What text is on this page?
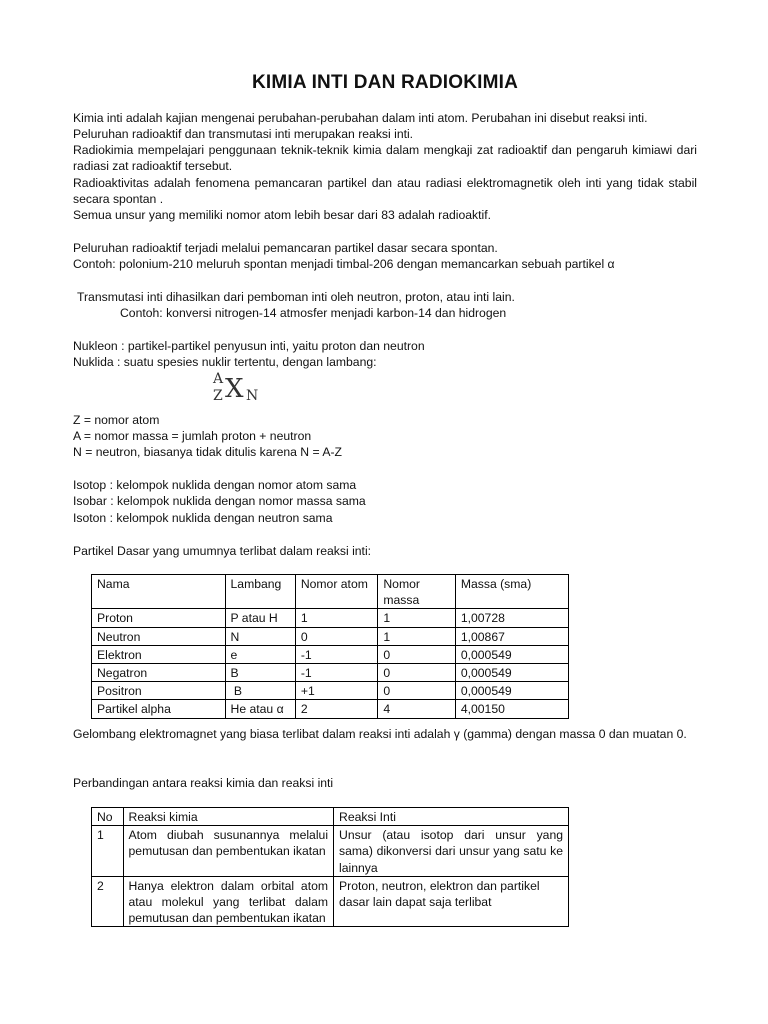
KIMIA INTI DAN RADIOKIMIA

Kimia inti adalah kajian mengenai perubahan-perubahan dalam inti atom. Perubahan ini disebut reaksi inti.

Peluruhan radioaktif dan transmutasi inti merupakan reaksi inti.

Radiokimia mempelajari penggunaan teknik-teknik kimia dalam mengkaji zat radioaktif dan pengaruh kimiawi dari radiasi zat radioaktif tersebut.

Radioaktivitas adalah fenomena pemancaran partikel dan atau radiasi elektromagnetik oleh inti yang tidak stabil secara spontan .

Semua unsur yang memiliki nomor atom lebih besar dari 83 adalah radioaktif.

Peluruhan radioaktif terjadi melalui pemancaran partikel dasar secara spontan.

Contoh: polonium-210 meluruh spontan menjadi timbal-206 dengan memancarkan sebuah partikel α

Transmutasi inti dihasilkan dari pemboman inti oleh neutron, proton, atau inti lain.

Contoh: konversi nitrogen-14 atmosfer menjadi karbon-14 dan hidrogen

Nukleon : partikel-partikel penyusun inti, yaitu proton dan neutron

Nuklida : suatu spesies nuklir tertentu, dengan lambang:

A
Z X N

Z = nomor atom

A = nomor massa = jumlah proton + neutron

N = neutron, biasanya tidak ditulis karena N = A-Z

Isotop : kelompok nuklida dengan nomor atom sama

Isobar : kelompok nuklida dengan nomor massa sama

Isoton : kelompok nuklida dengan neutron sama

Partikel Dasar yang umumnya terlibat dalam reaksi inti:

Nama	Lambang	Nomor atom	Nomor massa	Massa (sma)
Proton	P atau H	1	1	1,00728
Neutron	N	0	1	1,00867
Elektron	e	-1	0	0,000549
Negatron	B	-1	0	0,000549
Positron	B	+1	0	0,000549
Partikel alpha	He atau α	2	4	4,00150

Gelombang elektromagnet yang biasa terlibat dalam reaksi inti adalah γ (gamma) dengan massa 0 dan muatan 0.

Perbandingan antara reaksi kimia dan reaksi inti

No	Reaksi kimia	Reaksi Inti
1	Atom diubah susunannya melalui pemutusan dan pembentukan ikatan	Unsur (atau isotop dari unsur yang sama) dikonversi dari unsur yang satu ke lainnya
2	Hanya elektron dalam orbital atom atau molekul yang terlibat dalam pemutusan dan pembentukan ikatan	Proton, neutron, elektron dan partikel dasar lain dapat saja terlibat
